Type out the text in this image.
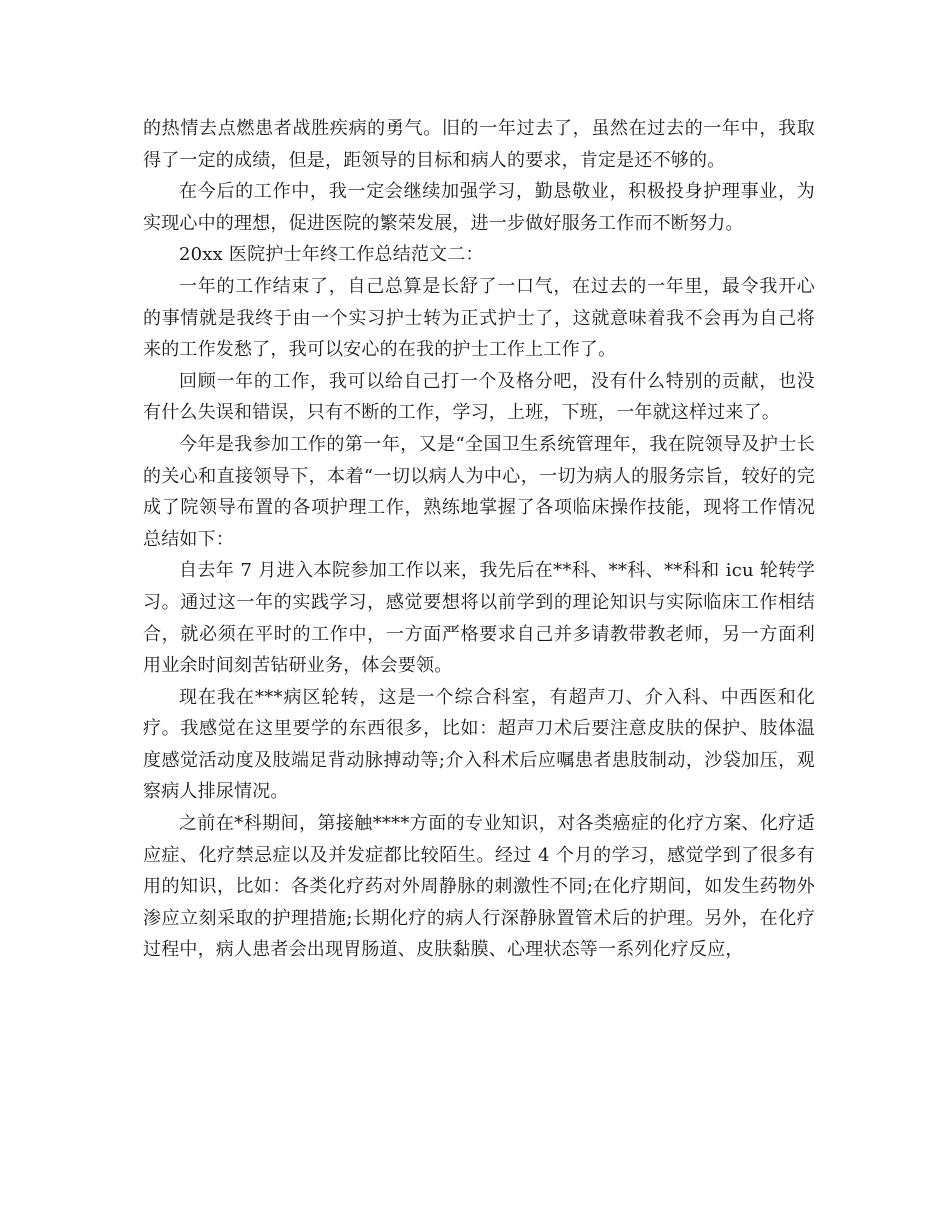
的热情去点燃患者战胜疾病的勇气。旧的一年过去了，虽然在过去的一年中，我取得了一定的成绩，但是，距领导的目标和病人的要求，肯定是还不够的。

在今后的工作中，我一定会继续加强学习，勤恳敬业，积极投身护理事业，为实现心中的理想，促进医院的繁荣发展，进一步做好服务工作而不断努力。

20xx 医院护士年终工作总结范文二：

一年的工作结束了，自己总算是长舒了一口气，在过去的一年里，最令我开心的事情就是我终于由一个实习护士转为正式护士了，这就意味着我不会再为自己将来的工作发愁了，我可以安心的在我的护士工作上工作了。

回顾一年的工作，我可以给自己打一个及格分吧，没有什么特别的贡献，也没有什么失误和错误，只有不断的工作，学习，上班，下班，一年就这样过来了。

今年是我参加工作的第一年，又是“全国卫生系统管理年，我在院领导及护士长的关心和直接领导下，本着“一切以病人为中心，一切为病人的服务宗旨，较好的完成了院领导布置的各项护理工作，熟练地掌握了各项临床操作技能，现将工作情况总结如下：

自去年 7 月进入本院参加工作以来，我先后在**科、**科、**科和 icu 轮转学习。通过这一年的实践学习，感觉要想将以前学到的理论知识与实际临床工作相结合，就必须在平时的工作中，一方面严格要求自己并多请教带教老师，另一方面利用业余时间刻苦钻研业务，体会要领。

现在我在***病区轮转，这是一个综合科室，有超声刀、介入科、中西医和化疗。我感觉在这里要学的东西很多，比如：超声刀术后要注意皮肤的保护、肢体温度感觉活动度及肢端足背动脉搏动等;介入科术后应嘱患者患肢制动，沙袋加压，观察病人排尿情况。

之前在*科期间，第接触****方面的专业知识，对各类癌症的化疗方案、化疗适应症、化疗禁忌症以及并发症都比较陌生。经过 4 个月的学习，感觉学到了很多有用的知识，比如：各类化疗药对外周静脉的刺激性不同;在化疗期间，如发生药物外渗应立刻采取的护理措施;长期化疗的病人行深静脉置管术后的护理。另外，在化疗过程中，病人患者会出现胃肠道、皮肤黏膜、心理状态等一系列化疗反应，
